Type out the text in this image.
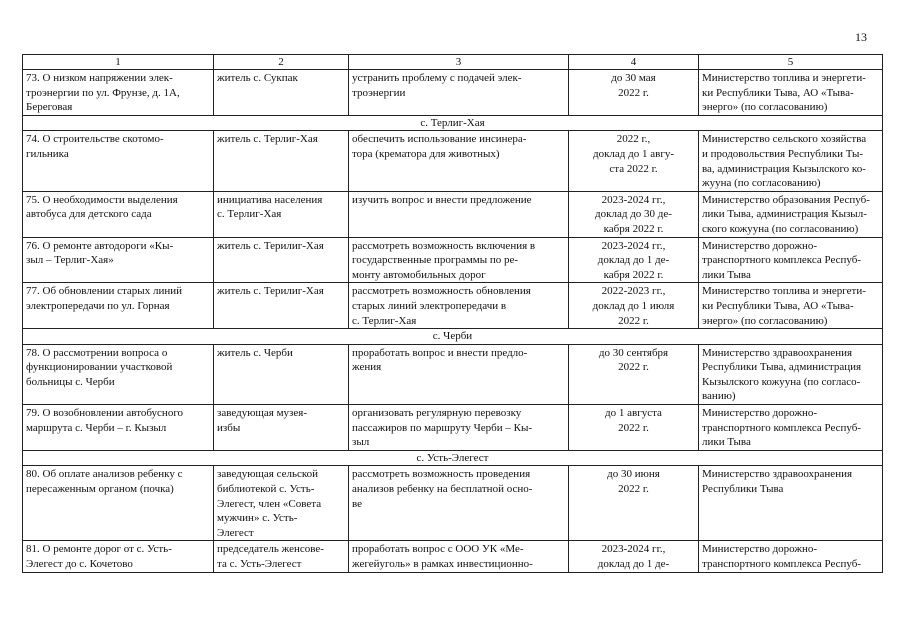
13
1	2	3	4	5
73. О низком напряжении элек-
троэнергии по ул. Фрунзе, д. 1А,
Береговая	житель с. Сукпак	устранить проблему с подачей элек-
троэнергии	до 30 мая
2022 г.	Министерство топлива и энергети-
ки Республики Тыва, АО «Тыва-
энерго» (по согласованию)
с. Терлиг-Хая				
74. О строительстве скотомо-
гильника	житель с. Терлиг-Хая	обеспечить использование инсинера-
тора (крематора для животных)	2022 г.,
доклад до 1 авгу-
ста 2022 г.	Министерство сельского хозяйства
и продовольствия Республики Ты-
ва, администрация Кызылского ко-
жууна (по согласованию)
75. О необходимости выделения
автобуса для детского сада	инициатива населения
с. Терлиг-Хая	изучить вопрос и внести предложение	2023-2024 гг.,
доклад до 30 де-
кабря 2022 г.	Министерство образования Респуб-
лики Тыва, администрация Кызыл-
ского кожууна (по согласованию)
76. О ремонте автодороги «Кы-
зыл – Терлиг-Хая»	житель с. Терилиг-Хая	рассмотреть возможность включения в
государственные программы по ре-
монту автомобильных дорог	2023-2024 гг.,
доклад до 1 де-
кабря 2022 г.	Министерство дорожно-
транспортного комплекса Респуб-
лики Тыва
77. Об обновлении старых линий
электропередачи по ул. Горная	житель с. Терилиг-Хая	рассмотреть возможность обновления
старых линий электропередачи в
с. Терлиг-Хая	2022-2023 гг.,
доклад до 1 июля
2022 г.	Министерство топлива и энергети-
ки Республики Тыва, АО «Тыва-
энерго» (по согласованию)
с. Черби				
78. О рассмотрении вопроса о
функционировании участковой
больницы с. Черби	житель с. Черби	проработать вопрос и внести предло-
жения	до 30 сентября
2022 г.	Министерство здравоохранения
Республики Тыва, администрация
Кызылского кожууна (по согласо-
ванию)
79. О возобновлении автобусного
маршрута с. Черби – г. Кызыл	заведующая музея-
избы	организовать регулярную перевозку
пассажиров по маршруту Черби – Кы-
зыл	до 1 августа
2022 г.	Министерство дорожно-
транспортного комплекса Респуб-
лики Тыва
с. Усть-Элегест				
80. Об оплате анализов ребенку с
пересаженным органом (почка)	заведующая сельской
библиотекой с. Усть-
Элегест, член «Совета
мужчин» с. Усть-
Элегест	рассмотреть возможность проведения
анализов ребенку на бесплатной осно-
ве	до 30 июня
2022 г.	Министерство здравоохранения
Республики Тыва
81. О ремонте дорог от с. Усть-
Элегест до с. Кочетово	председатель женсове-
та с. Усть-Элегест	проработать вопрос с ООО УК «Ме-
жегейуголь» в рамках инвестиционно-	2023-2024 гг.,
доклад до 1 де-	Министерство дорожно-
транспортного комплекса Респуб-
